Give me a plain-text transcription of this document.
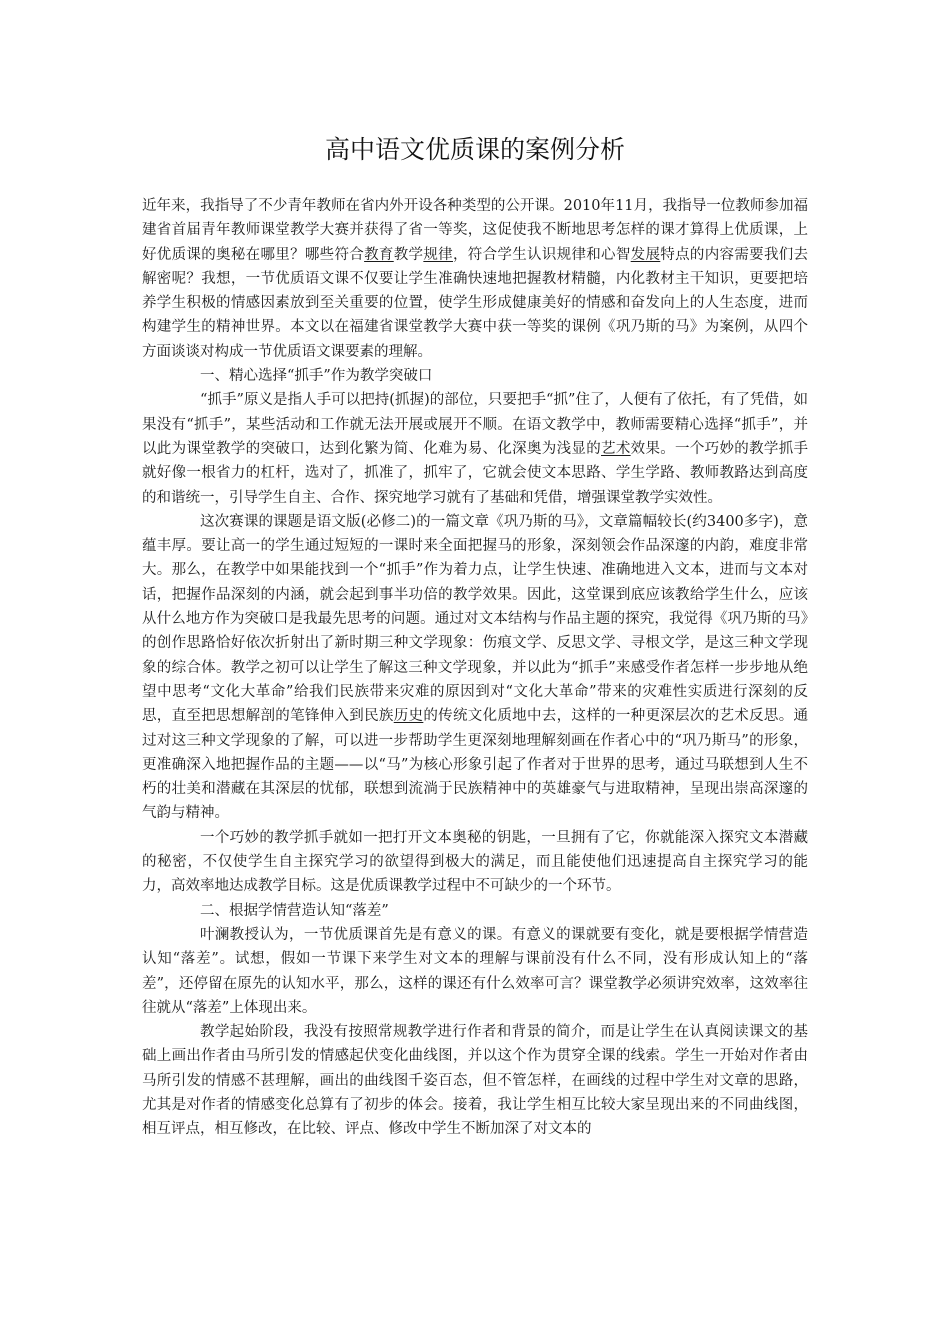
高中语文优质课的案例分析

近年来，我指导了不少青年教师在省内外开设各种类型的公开课。2010年11月，我指导一位教师参加福建省首届青年教师课堂教学大赛并获得了省一等奖，这促使我不断地思考怎样的课才算得上优质课，上好优质课的奥秘在哪里？哪些符合教育教学规律，符合学生认识规律和心智发展特点的内容需要我们去解密呢？我想，一节优质语文课不仅要让学生准确快速地把握教材精髓，内化教材主干知识，更要把培养学生积极的情感因素放到至关重要的位置，使学生形成健康美好的情感和奋发向上的人生态度，进而构建学生的精神世界。本文以在福建省课堂教学大赛中获一等奖的课例《巩乃斯的马》为案例，从四个方面谈谈对构成一节优质语文课要素的理解。

一、精心选择“抓手”作为教学突破口

“抓手”原义是指人手可以把持(抓握)的部位，只要把手“抓”住了，人便有了依托，有了凭借，如果没有“抓手”，某些活动和工作就无法开展或展开不顺。在语文教学中，教师需要精心选择“抓手”，并以此为课堂教学的突破口，达到化繁为简、化难为易、化深奥为浅显的艺术效果。一个巧妙的教学抓手就好像一根省力的杠杆，选对了，抓准了，抓牢了，它就会使文本思路、学生学路、教师教路达到高度的和谐统一，引导学生自主、合作、探究地学习就有了基础和凭借，增强课堂教学实效性。

这次赛课的课题是语文版(必修二)的一篇文章《巩乃斯的马》，文章篇幅较长(约3400多字)，意蕴丰厚。要让高一的学生通过短短的一课时来全面把握马的形象，深刻领会作品深邃的内韵，难度非常大。那么，在教学中如果能找到一个“抓手”作为着力点，让学生快速、准确地进入文本，进而与文本对话，把握作品深刻的内涵，就会起到事半功倍的教学效果。因此，这堂课到底应该教给学生什么，应该从什么地方作为突破口是我最先思考的问题。通过对文本结构与作品主题的探究，我觉得《巩乃斯的马》的创作思路恰好依次折射出了新时期三种文学现象：伤痕文学、反思文学、寻根文学，是这三种文学现象的综合体。教学之初可以让学生了解这三种文学现象，并以此为“抓手”来感受作者怎样一步步地从绝望中思考“文化大革命”给我们民族带来灾难的原因到对“文化大革命”带来的灾难性实质进行深刻的反思，直至把思想解剖的笔锋伸入到民族历史的传统文化质地中去，这样的一种更深层次的艺术反思。通过对这三种文学现象的了解，可以进一步帮助学生更深刻地理解刻画在作者心中的“巩乃斯马”的形象，更准确深入地把握作品的主题——以“马”为核心形象引起了作者对于世界的思考，通过马联想到人生不朽的壮美和潜藏在其深层的忧郁，联想到流淌于民族精神中的英雄豪气与进取精神，呈现出崇高深邃的气韵与精神。

一个巧妙的教学抓手就如一把打开文本奥秘的钥匙，一旦拥有了它，你就能深入探究文本潜藏的秘密，不仅使学生自主探究学习的欲望得到极大的满足，而且能使他们迅速提高自主探究学习的能力，高效率地达成教学目标。这是优质课教学过程中不可缺少的一个环节。

二、根据学情营造认知“落差”

叶澜教授认为，一节优质课首先是有意义的课。有意义的课就要有变化，就是要根据学情营造认知“落差”。试想，假如一节课下来学生对文本的理解与课前没有什么不同，没有形成认知上的“落差”，还停留在原先的认知水平，那么，这样的课还有什么效率可言？课堂教学必须讲究效率，这效率往往就从“落差”上体现出来。

教学起始阶段，我没有按照常规教学进行作者和背景的简介，而是让学生在认真阅读课文的基础上画出作者由马所引发的情感起伏变化曲线图，并以这个作为贯穿全课的线索。学生一开始对作者由马所引发的情感不甚理解，画出的曲线图千姿百态，但不管怎样，在画线的过程中学生对文章的思路，尤其是对作者的情感变化总算有了初步的体会。接着，我让学生相互比较大家呈现出来的不同曲线图，相互评点，相互修改，在比较、评点、修改中学生不断加深了对文本的
